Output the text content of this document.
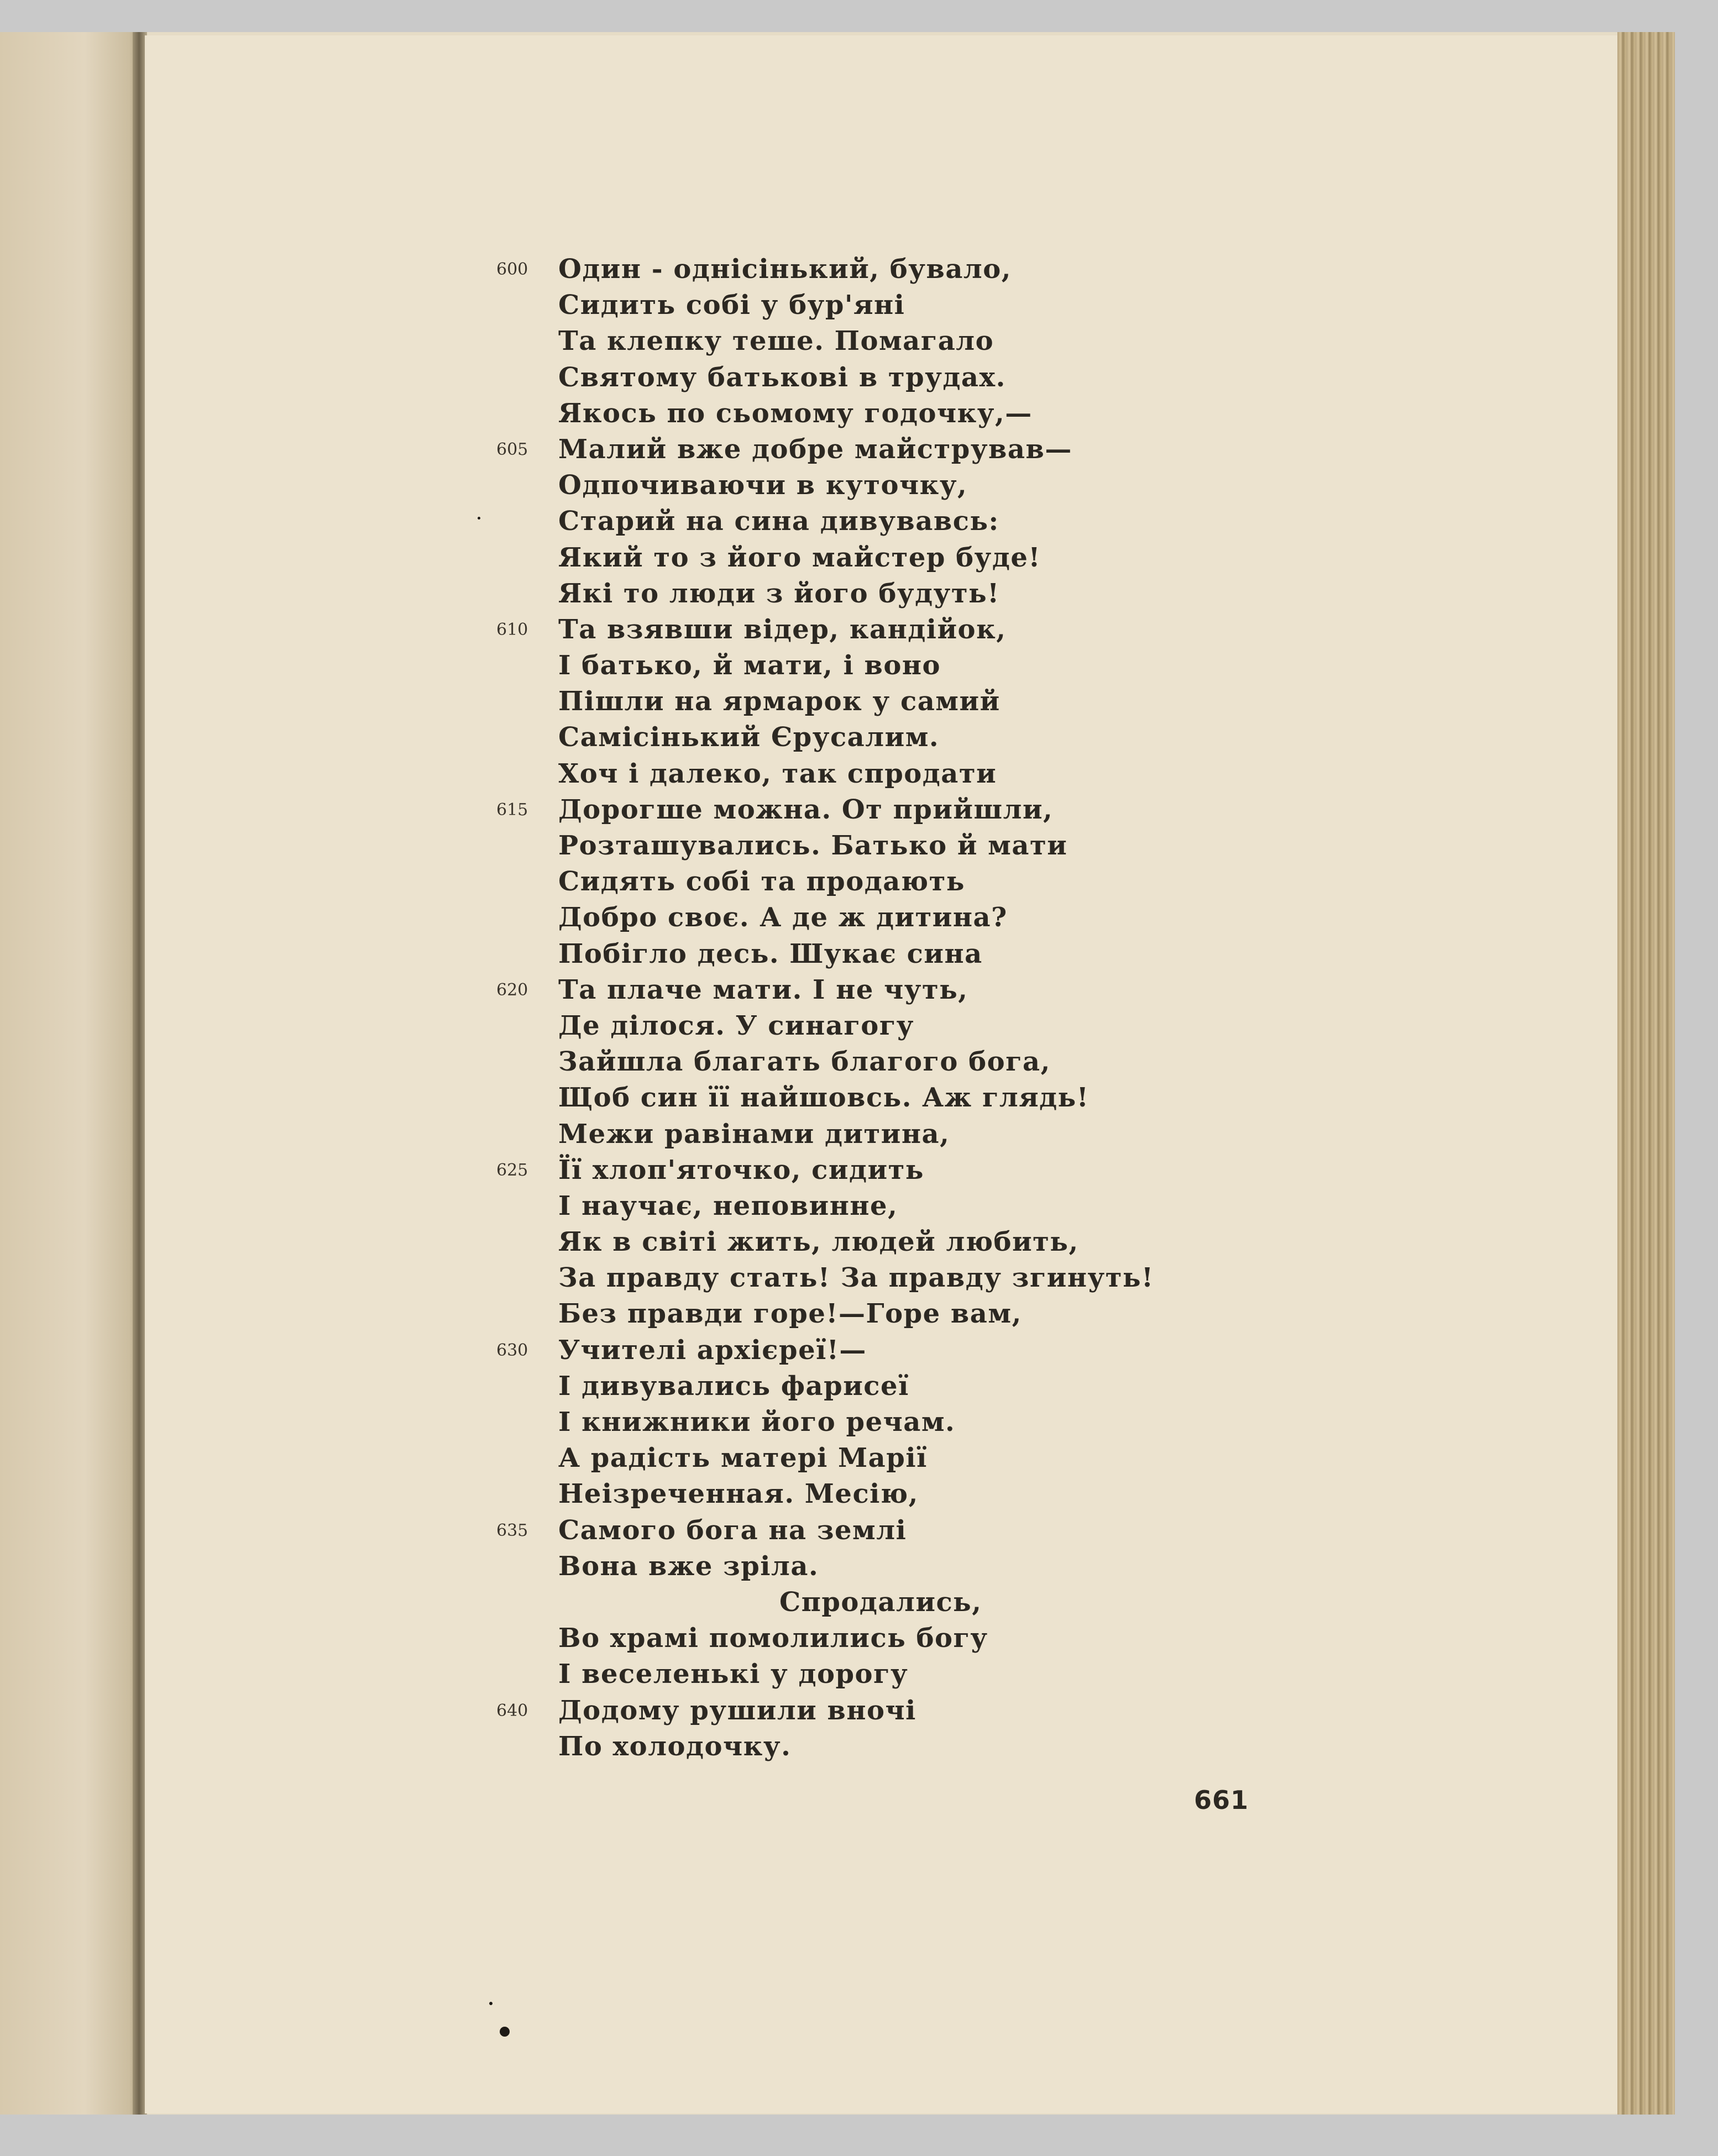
600 Один - однісінький, бувало,
Сидить собі у бур'яні
Та клепку теше. Помагало
Святому батькові в трудах.
Якось по сьомому годочку,—
605 Малий вже добре майстрував—
Одпочиваючи в куточку,
Старий на сина дивувавсь:
Який то з його майстер буде!
Які то люди з його будуть!
610 Та взявши відер, кандійок,
І батько, й мати, і воно
Пішли на ярмарок у самий
Самісінький Єрусалим.
Хоч і далеко, так спродати
615 Дорогше можна. От прийшли,
Розташувались. Батько й мати
Сидять собі та продають
Добро своє. А де ж дитина?
Побігло десь. Шукає сина
620 Та плаче мати. І не чуть,
Де ділося. У синагогу
Зайшла благать благого бога,
Щоб син її найшовсь. Аж глядь!
Межи равінами дитина,
625 Її хлоп'яточко, сидить
І научає, неповинне,
Як в світі жить, людей любить,
За правду стать! За правду згинуть!
Без правди горе!—Горе вам,
630 Учителі архієреї!—
І дивувались фарисеї
І книжники його речам.
А радість матері Марії
Неізреченная. Месію,
635 Самого бога на землі
Вона вже зріла.
Спродались,
Во храмі помолились богу
І веселенькі у дорогу
640 Додому рушили вночі
По холодочку.
661
